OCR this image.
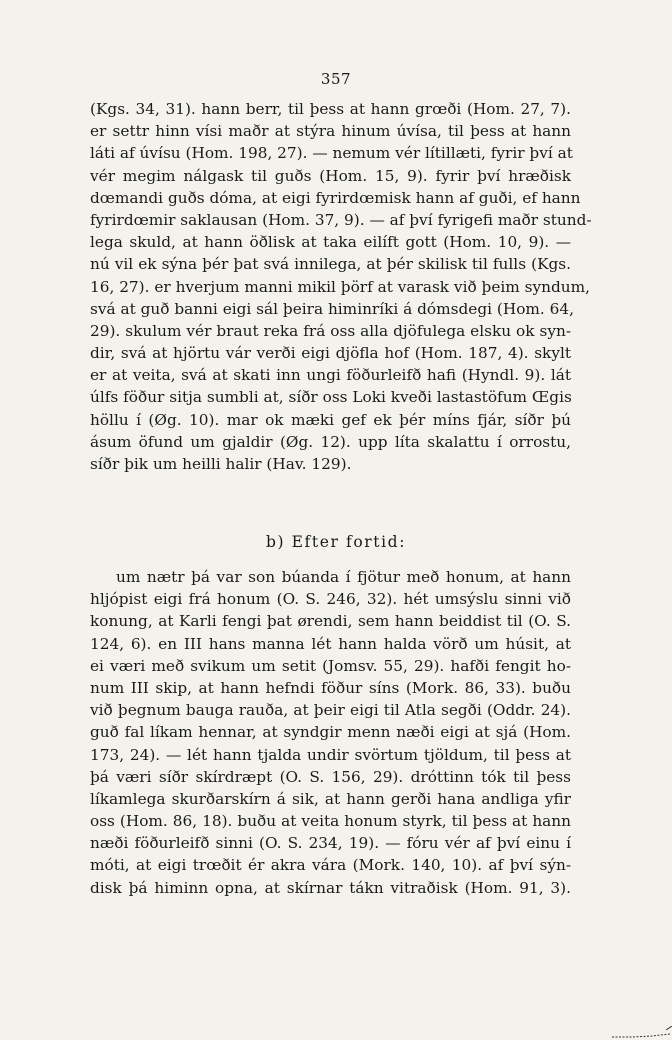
357
(Kgs. 34, 31). hann berr, til þess at hann grœði (Hom. 27, 7).
er settr hinn vísi maðr at stýra hinum úvísa, til þess at hann
láti af úvísu (Hom. 198, 27). — nemum vér lítillæti, fyrir því at
vér megim nálgask til guðs (Hom. 15, 9). fyrir því hræðisk
dœmandi guðs dóma, at eigi fyrirdœmisk hann af guði, ef hann
fyrirdœmir saklausan (Hom. 37, 9). — af því fyrigefi maðr stund-
lega skuld, at hann öðlisk at taka eilíft gott (Hom. 10, 9). —
nú vil ek sýna þér þat svá innilega, at þér skilisk til fulls (Kgs.
16, 27). er hverjum manni mikil þörf at varask við þeim syndum,
svá at guð banni eigi sál þeira himinríki á dómsdegi (Hom. 64,
29). skulum vér braut reka frá oss alla djöfulega elsku ok syn-
dir, svá at hjörtu vár verði eigi djöfla hof (Hom. 187, 4). skylt
er at veita, svá at skati inn ungi föðurleifð hafi (Hyndl. 9). lát
úlfs föður sitja sumbli at, síðr oss Loki kveði lastastöfum Œgis
höllu í (Øg. 10). mar ok mæki gef ek þér míns fjár, síðr þú
ásum öfund um gjaldir (Øg. 12). upp líta skalattu í orrostu,
síðr þik um heilli halir (Hav. 129).
b) Efter fortid:
um nætr þá var son búanda í fjötur með honum, at hann
hljópist eigi frá honum (O. S. 246, 32). hét umsýslu sinni við
konung, at Karli fengi þat ørendi, sem hann beiddist til (O. S.
124, 6). en III hans manna lét hann halda vörð um húsit, at
ei væri með svikum um setit (Jomsv. 55, 29). hafði fengit ho-
num III skip, at hann hefndi föður síns (Mork. 86, 33). buðu
við þegnum bauga rauða, at þeir eigi til Atla segði (Oddr. 24).
guð fal líkam hennar, at syndgir menn næði eigi at sjá (Hom.
173, 24). — lét hann tjalda undir svörtum tjöldum, til þess at
þá væri síðr skírdræpt (O. S. 156, 29). dróttinn tók til þess
líkamlega skurðarskírn á sik, at hann gerði hana andliga yfir
oss (Hom. 86, 18). buðu at veita honum styrk, til þess at hann
næði föðurleifð sinni (O. S. 234, 19). — fóru vér af því einu í
móti, at eigi trœðit ér akra vára (Mork. 140, 10). af því sýn-
disk þá himinn opna, at skírnar tákn vitraðisk (Hom. 91, 3).
